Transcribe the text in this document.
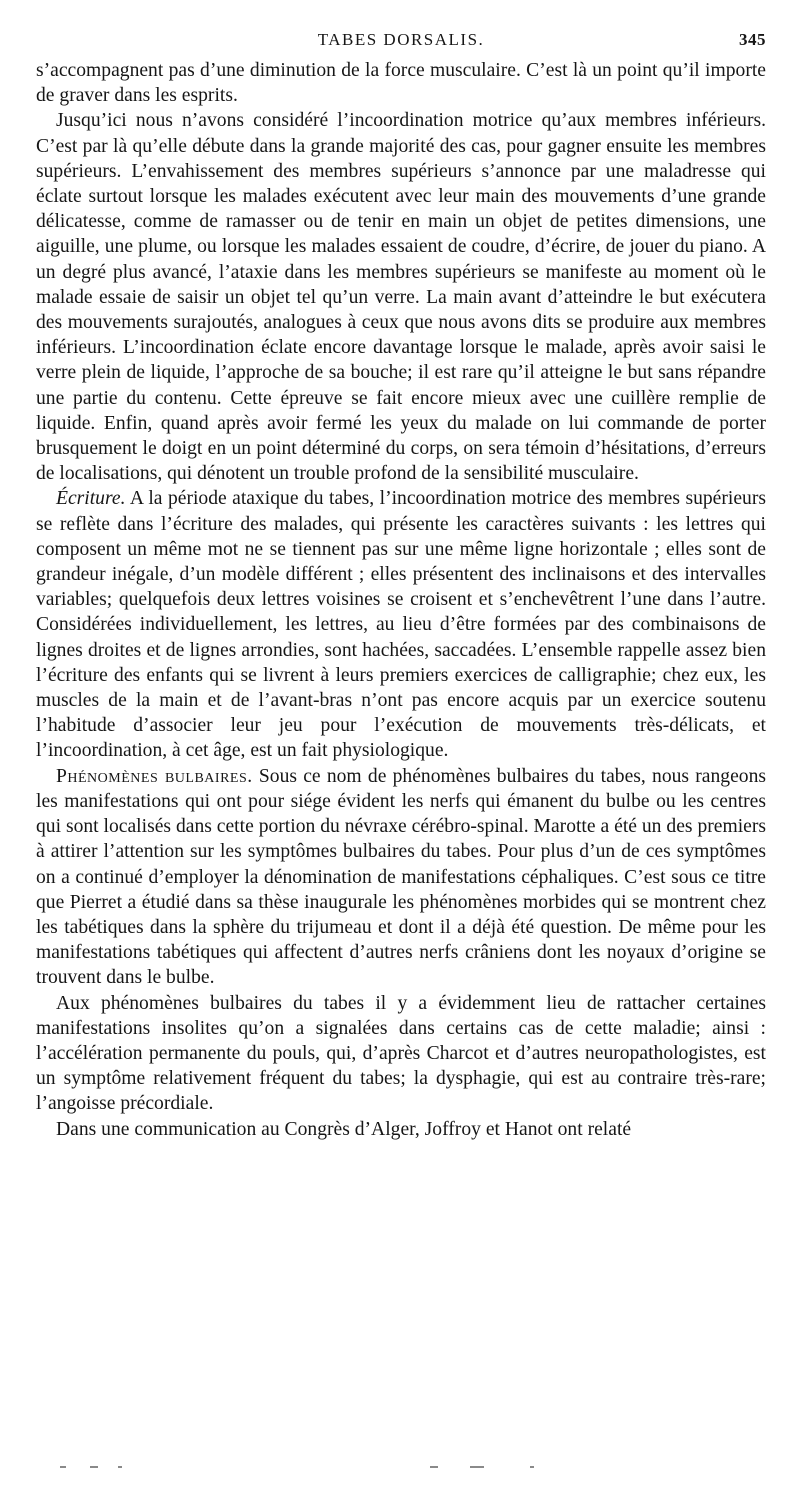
TABES DORSALIS.	345

s’accompagnent pas d’une diminution de la force musculaire. C’est là un point qu’il importe de graver dans les esprits.

Jusqu’ici nous n’avons considéré l’incoordination motrice qu’aux membres inférieurs. C’est par là qu’elle débute dans la grande majorité des cas, pour gagner ensuite les membres supérieurs. L’envahissement des membres supérieurs s’annonce par une maladresse qui éclate surtout lorsque les malades exécutent avec leur main des mouvements d’une grande délicatesse, comme de ramasser ou de tenir en main un objet de petites dimensions, une aiguille, une plume, ou lorsque les malades essaient de coudre, d’écrire, de jouer du piano. A un degré plus avancé, l’ataxie dans les membres supérieurs se manifeste au moment où le malade essaie de saisir un objet tel qu’un verre. La main avant d’atteindre le but exécutera des mouvements surajoutés, analogues à ceux que nous avons dits se produire aux membres inférieurs. L’incoordination éclate encore davantage lorsque le malade, après avoir saisi le verre plein de liquide, l’approche de sa bouche; il est rare qu’il atteigne le but sans répandre une partie du contenu. Cette épreuve se fait encore mieux avec une cuillère remplie de liquide. Enfin, quand après avoir fermé les yeux du malade on lui commande de porter brusquement le doigt en un point déterminé du corps, on sera témoin d’hésitations, d’erreurs de localisations, qui dénotent un trouble profond de la sensibilité musculaire.

Écriture. A la période ataxique du tabes, l’incoordination motrice des membres supérieurs se reflète dans l’écriture des malades, qui présente les caractères suivants : les lettres qui composent un même mot ne se tiennent pas sur une même ligne horizontale ; elles sont de grandeur inégale, d’un modèle différent ; elles présentent des inclinaisons et des intervalles variables; quelquefois deux lettres voisines se croisent et s’enchevêtrent l’une dans l’autre. Considérées individuellement, les lettres, au lieu d’être formées par des combinaisons de lignes droites et de lignes arrondies, sont hachées, saccadées. L’ensemble rappelle assez bien l’écriture des enfants qui se livrent à leurs premiers exercices de calligraphie; chez eux, les muscles de la main et de l’avant-bras n’ont pas encore acquis par un exercice soutenu l’habitude d’associer leur jeu pour l’exécution de mouvements très-délicats, et l’incoordination, à cet âge, est un fait physiologique.

Phénomènes bulbaires. Sous ce nom de phénomènes bulbaires du tabes, nous rangeons les manifestations qui ont pour siége évident les nerfs qui émanent du bulbe ou les centres qui sont localisés dans cette portion du névraxe cérébro-spinal. Marotte a été un des premiers à attirer l’attention sur les symptômes bulbaires du tabes. Pour plus d’un de ces symptômes on a continué d’employer la dénomination de manifestations céphaliques. C’est sous ce titre que Pierret a étudié dans sa thèse inaugurale les phénomènes morbides qui se montrent chez les tabétiques dans la sphère du trijumeau et dont il a déjà été question. De même pour les manifestations tabétiques qui affectent d’autres nerfs crâniens dont les noyaux d’origine se trouvent dans le bulbe.

Aux phénomènes bulbaires du tabes il y a évidemment lieu de rattacher certaines manifestations insolites qu’on a signalées dans certains cas de cette maladie; ainsi : l’accélération permanente du pouls, qui, d’après Charcot et d’autres neuropathologistes, est un symptôme relativement fréquent du tabes; la dysphagie, qui est au contraire très-rare; l’angoisse précordiale.

Dans une communication au Congrès d’Alger, Joffroy et Hanot ont relaté
